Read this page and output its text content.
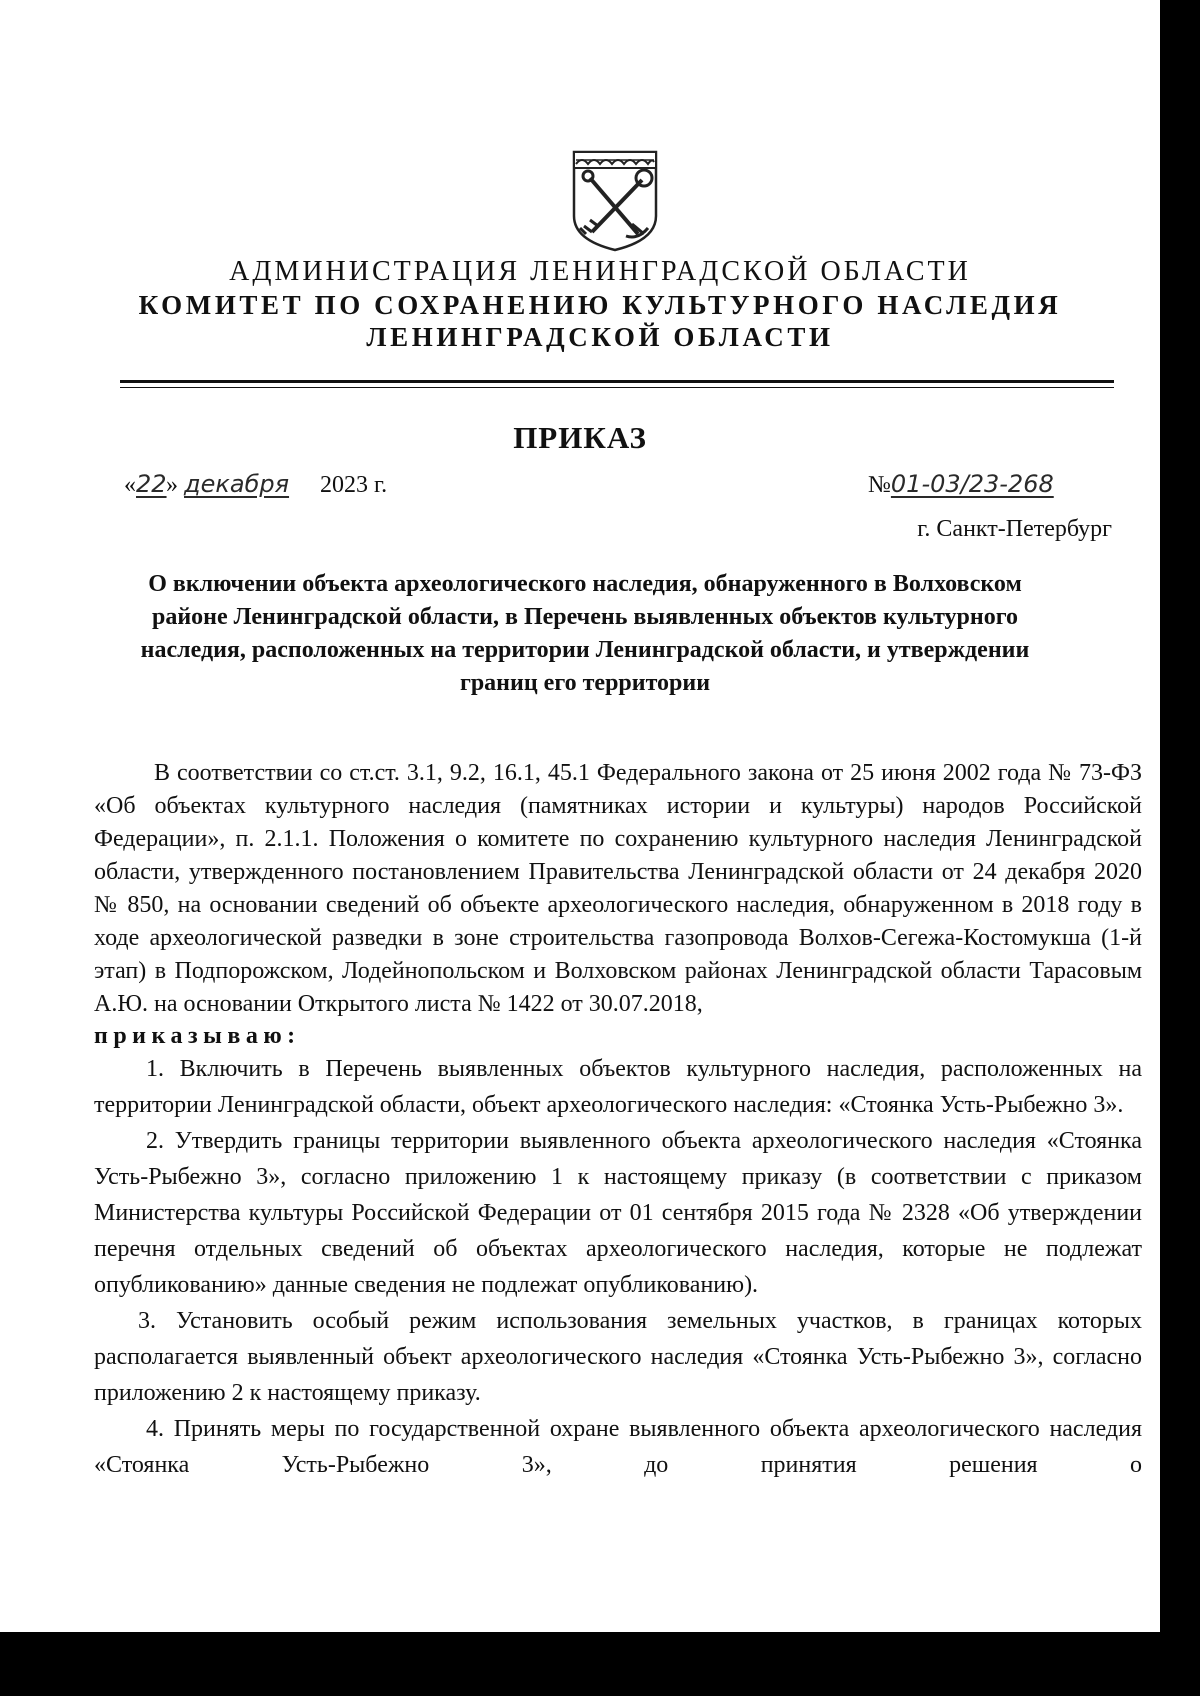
АДМИНИСТРАЦИЯ ЛЕНИНГРАДСКОЙ ОБЛАСТИ
КОМИТЕТ ПО СОХРАНЕНИЮ КУЛЬТУРНОГО НАСЛЕДИЯ
ЛЕНИНГРАДСКОЙ ОБЛАСТИ
ПРИКАЗ
«22» декабря 2023 г.	№01-03/23-268
г. Санкт-Петербург
О включении объекта археологического наследия, обнаруженного в Волховском районе Ленинградской области, в Перечень выявленных объектов культурного наследия, расположенных на территории Ленинградской области, и утверждении границ его территории

В соответствии со ст.ст. 3.1, 9.2, 16.1, 45.1 Федерального закона от 25 июня 2002 года № 73-ФЗ «Об объектах культурного наследия (памятниках истории и культуры) народов Российской Федерации», п. 2.1.1. Положения о комитете по сохранению культурного наследия Ленинградской области, утвержденного постановлением Правительства Ленинградской области от 24 декабря 2020 № 850, на основании сведений об объекте археологического наследия, обнаруженном в 2018 году в ходе археологической разведки в зоне строительства газопровода Волхов-Сегежа-Костомукша (1-й этап) в Подпорожском, Лодейнопольском и Волховском районах Ленинградской области Тарасовым А.Ю. на основании Открытого листа № 1422 от 30.07.2018,

приказываю:

1. Включить в Перечень выявленных объектов культурного наследия, расположенных на территории Ленинградской области, объект археологического наследия: «Стоянка Усть-Рыбежно 3».

2. Утвердить границы территории выявленного объекта археологического наследия «Стоянка Усть-Рыбежно 3», согласно приложению 1 к настоящему приказу (в соответствии с приказом Министерства культуры Российской Федерации от 01 сентября 2015 года № 2328 «Об утверждении перечня отдельных сведений об объектах археологического наследия, которые не подлежат опубликованию» данные сведения не подлежат опубликованию).

3. Установить особый режим использования земельных участков, в границах которых располагается выявленный объект археологического наследия «Стоянка Усть-Рыбежно 3», согласно приложению 2 к настоящему приказу.

4. Принять меры по государственной охране выявленного объекта археологического наследия «Стоянка Усть-Рыбежно 3», до принятия решения о
